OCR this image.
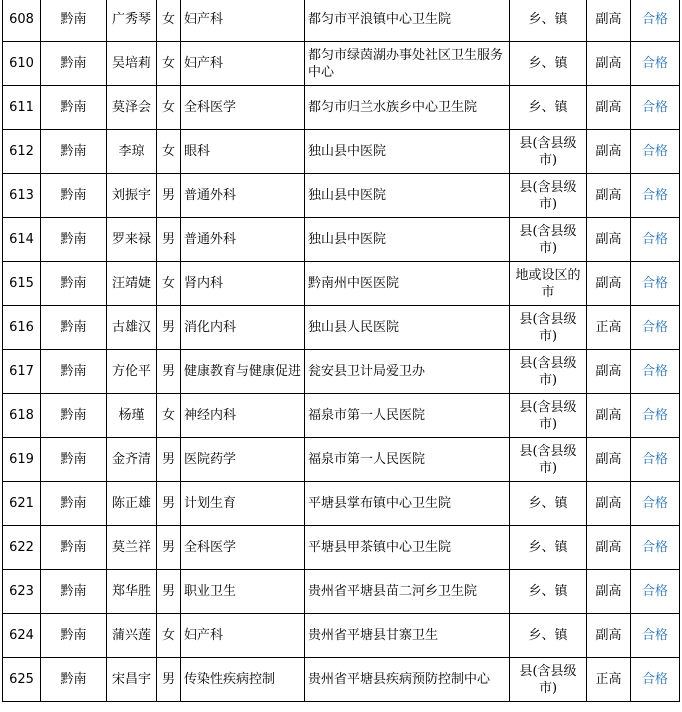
608	黔南	广秀琴	女	妇产科	都匀市平浪镇中心卫生院	乡、镇	副高	合格
610	黔南	吴培莉	女	妇产科	都匀市绿茵湖办事处社区卫生服务中心	乡、镇	副高	合格
611	黔南	莫泽会	女	全科医学	都匀市归兰水族乡中心卫生院	乡、镇	副高	合格
612	黔南	李琼	女	眼科	独山县中医院	县(含县级市)	副高	合格
613	黔南	刘振宇	男	普通外科	独山县中医院	县(含县级市)	副高	合格
614	黔南	罗来禄	男	普通外科	独山县中医院	县(含县级市)	副高	合格
615	黔南	汪靖婕	女	肾内科	黔南州中医医院	地或设区的市	副高	合格
616	黔南	古雄汉	男	消化内科	独山县人民医院	县(含县级市)	正高	合格
617	黔南	方伦平	男	健康教育与健康促进	瓮安县卫计局爱卫办	县(含县级市)	副高	合格
618	黔南	杨瑾	女	神经内科	福泉市第一人民医院	县(含县级市)	副高	合格
619	黔南	金齐清	男	医院药学	福泉市第一人民医院	县(含县级市)	副高	合格
621	黔南	陈正雄	男	计划生育	平塘县掌布镇中心卫生院	乡、镇	副高	合格
622	黔南	莫兰祥	男	全科医学	平塘县甲茶镇中心卫生院	乡、镇	副高	合格
623	黔南	郑华胜	男	职业卫生	贵州省平塘县苗二河乡卫生院	乡、镇	副高	合格
624	黔南	蒲兴莲	女	妇产科	贵州省平塘县甘寨卫生	乡、镇	副高	合格
625	黔南	宋昌宇	男	传染性疾病控制	贵州省平塘县疾病预防控制中心	县(含县级市)	正高	合格
